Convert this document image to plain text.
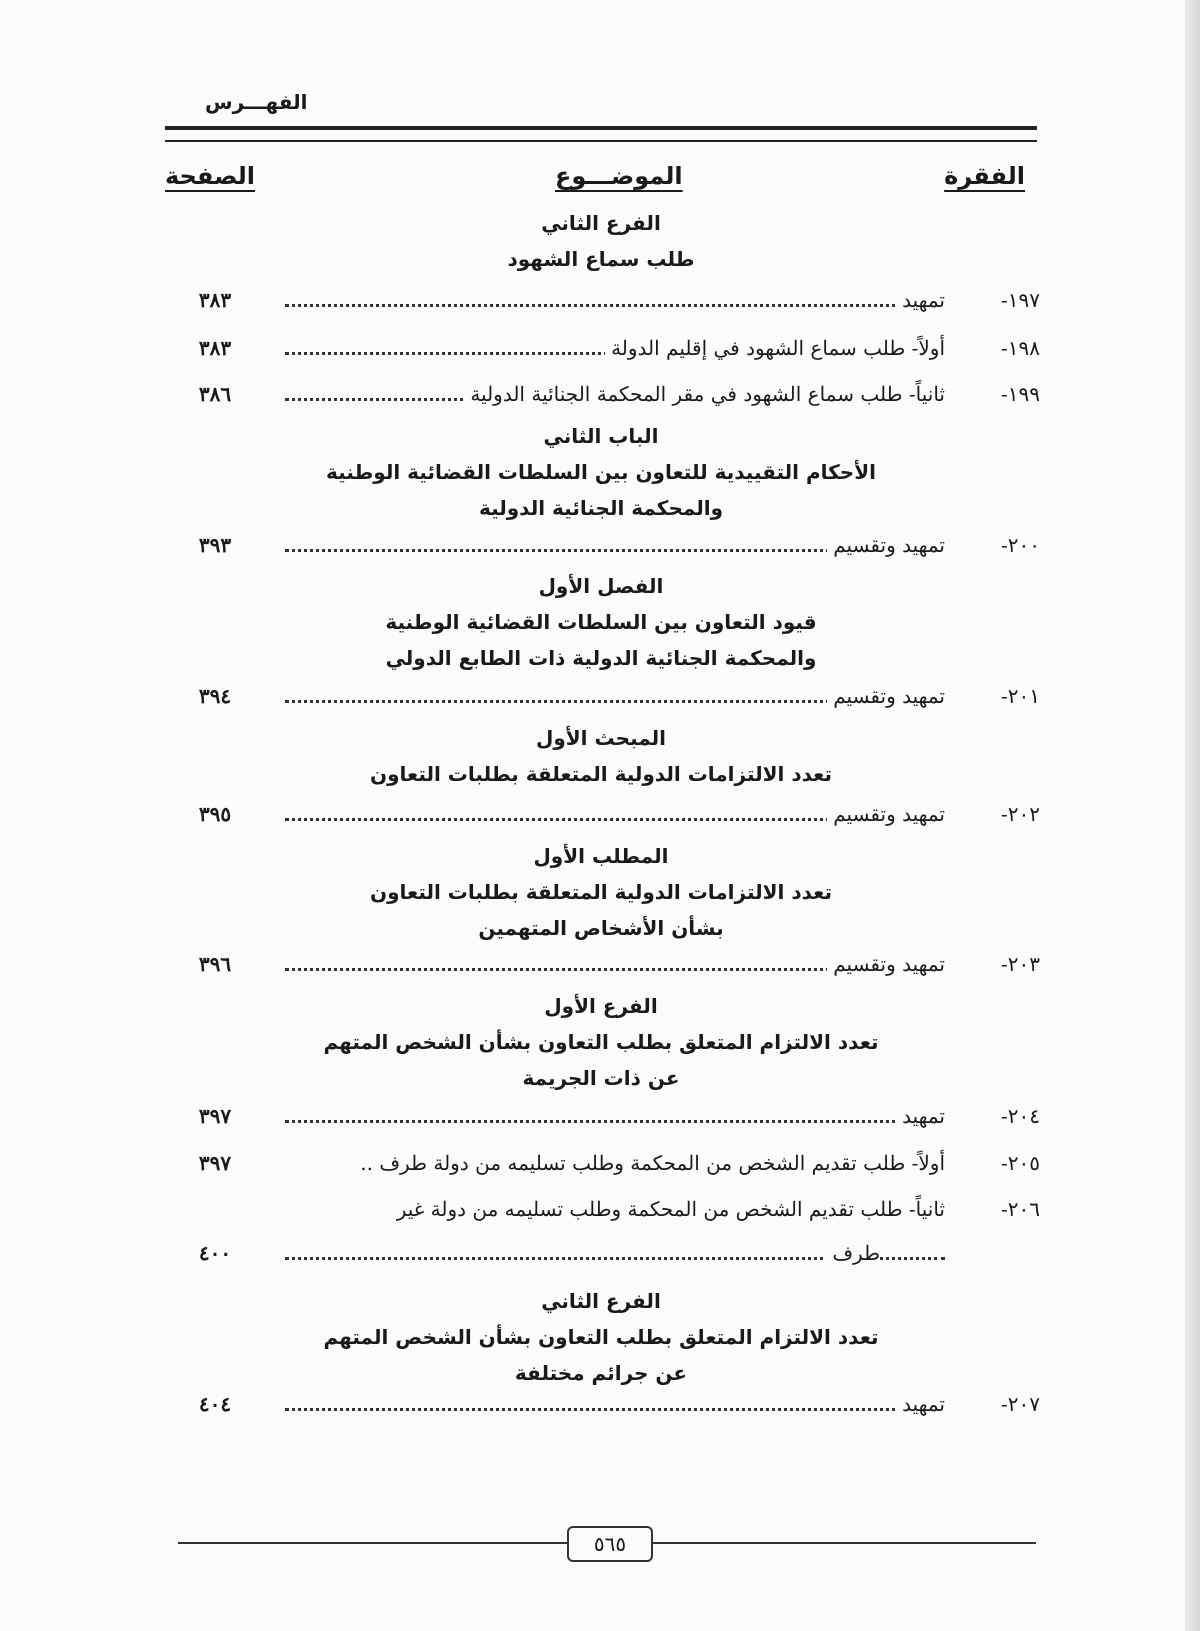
الفهـــرس
الفقرة
الموضـــوع
الصفحة
الفرع الثاني
طلب سماع الشهود
١٩٧-
تمهيد
٣٨٣
١٩٨-
أولاً- طلب سماع الشهود في إقليم الدولة
٣٨٣
١٩٩-
ثانياً- طلب سماع الشهود في مقر المحكمة الجنائية الدولية
٣٨٦
الباب الثاني
الأحكام التقييدية للتعاون بين السلطات القضائية الوطنية
والمحكمة الجنائية الدولية
٢٠٠-
تمهيد وتقسيم
٣٩٣
الفصل الأول
قيود التعاون بين السلطات القضائية الوطنية
والمحكمة الجنائية الدولية ذات الطابع الدولي
٢٠١-
تمهيد وتقسيم
٣٩٤
المبحث الأول
تعدد الالتزامات الدولية المتعلقة بطلبات التعاون
٢٠٢-
تمهيد وتقسيم
٣٩٥
المطلب الأول
تعدد الالتزامات الدولية المتعلقة بطلبات التعاون
بشأن الأشخاص المتهمين
٢٠٣-
تمهيد وتقسيم
٣٩٦
الفرع الأول
تعدد الالتزام المتعلق بطلب التعاون بشأن الشخص المتهم
عن ذات الجريمة
٢٠٤-
تمهيد
٣٩٧
٢٠٥-
أولاً- طلب تقديم الشخص من المحكمة وطلب تسليمه من دولة طرف ..
٣٩٧
٢٠٦-
ثانياً- طلب تقديم الشخص من المحكمة وطلب تسليمه من دولة غير
طرف
٤٠٠
الفرع الثاني
تعدد الالتزام المتعلق بطلب التعاون بشأن الشخص المتهم
عن جرائم مختلفة
٢٠٧-
تمهيد
٤٠٤
٥٦٥
